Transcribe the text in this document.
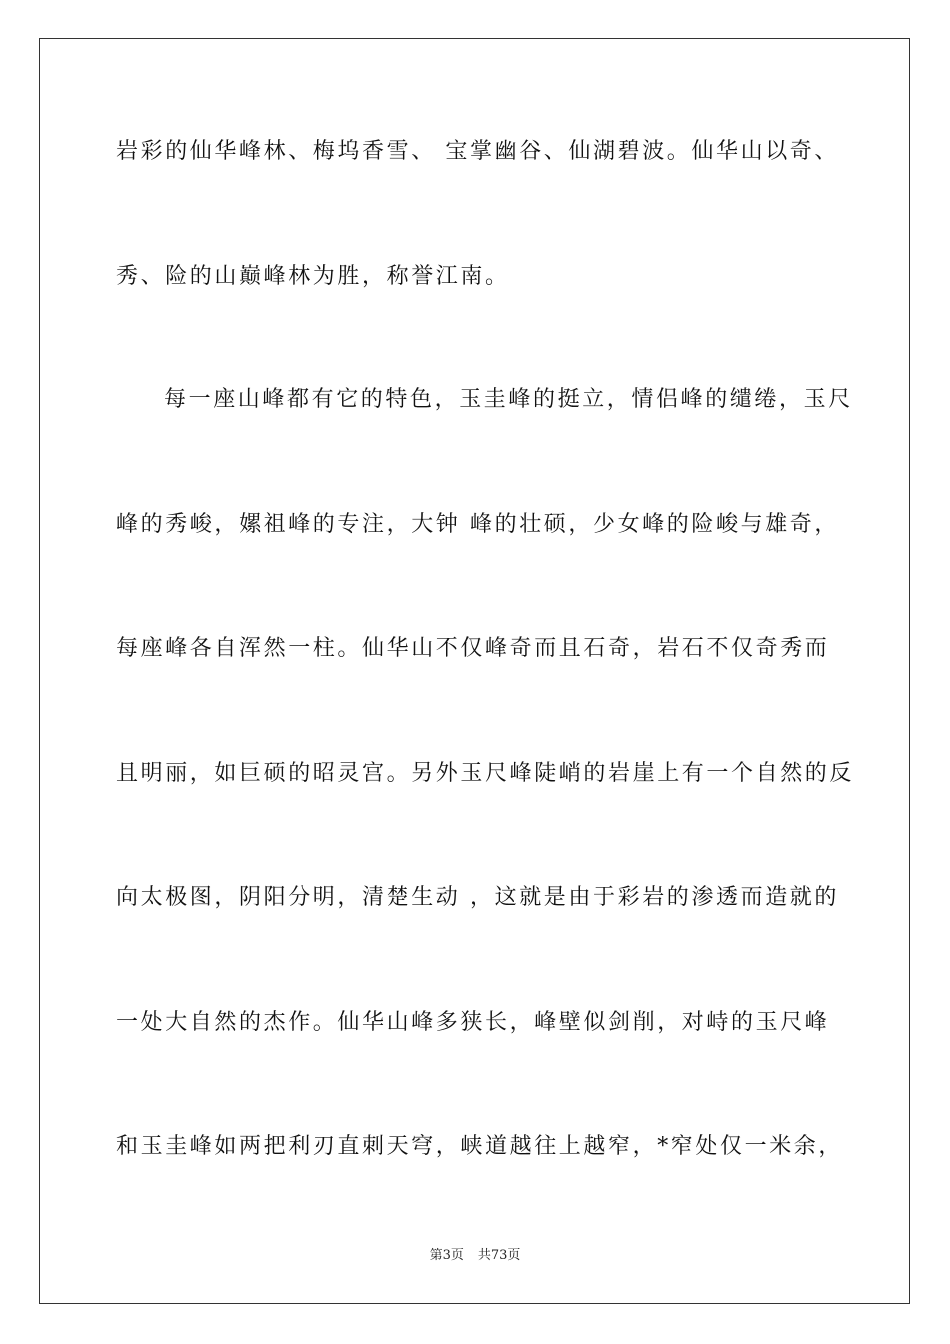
岩彩的仙华峰林、梅坞香雪、 宝掌幽谷、仙湖碧波。仙华山以奇、
秀、险的山巅峰林为胜，称誉江南。
每一座山峰都有它的特色，玉圭峰的挺立，情侣峰的缱绻，玉尺
峰的秀峻，嫘祖峰的专注，大钟 峰的壮硕，少女峰的险峻与雄奇，
每座峰各自浑然一柱。仙华山不仅峰奇而且石奇，岩石不仅奇秀而
且明丽，如巨硕的昭灵宫。另外玉尺峰陡峭的岩崖上有一个自然的反
向太极图，阴阳分明，清楚生动 ，这就是由于彩岩的渗透而造就的
一处大自然的杰作。仙华山峰多狭长，峰壁似剑削，对峙的玉尺峰
和玉圭峰如两把利刃直刺天穹，峡道越往上越窄，*窄处仅一米余，
第3页 共73页
